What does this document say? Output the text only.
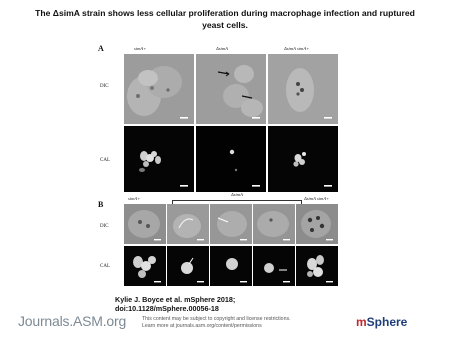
The ΔsimA strain shows less cellular proliferation during macrophage infection and ruptured
yeast cells.
A	simA+	ΔsimA	ΔsimA simA+
DIC
CAL
B
simA+
ΔsimA
ΔsimA simA+
DIC
CAL
Kylie J. Boyce et al. mSphere 2018;
doi:10.1128/mSphere.00056-18
Journals.ASM.org	This content may be subject to copyright and license restrictions.
Learn more at journals.asm.org/content/permissions	mSphere
